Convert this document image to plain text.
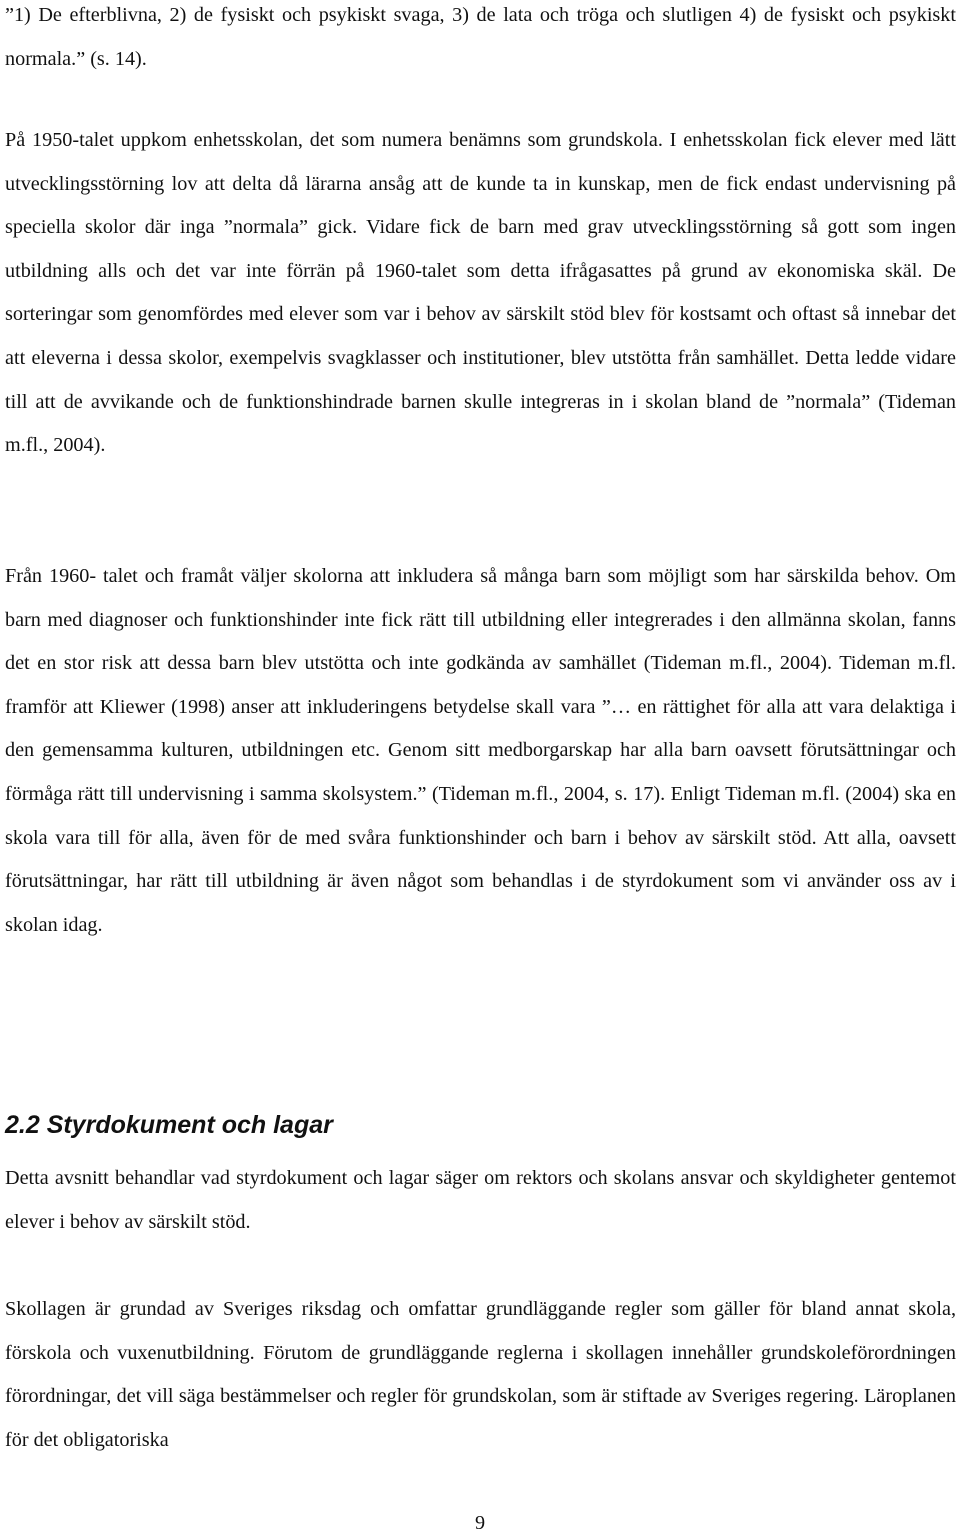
”1) De efterblivna, 2) de fysiskt och psykiskt svaga, 3) de lata och tröga och slutligen 4) de fysiskt och psykiskt normala.” (s. 14).

På 1950-talet uppkom enhetsskolan, det som numera benämns som grundskola. I enhetsskolan fick elever med lätt utvecklingsstörning lov att delta då lärarna ansåg att de kunde ta in kunskap, men de fick endast undervisning på speciella skolor där inga ”normala” gick. Vidare fick de barn med grav utvecklingsstörning så gott som ingen utbildning alls och det var inte förrän på 1960-talet som detta ifrågasattes på grund av ekonomiska skäl. De sorteringar som genomfördes med elever som var i behov av särskilt stöd blev för kostsamt och oftast så innebar det att eleverna i dessa skolor, exempelvis svagklasser och institutioner, blev utstötta från samhället. Detta ledde vidare till att de avvikande och de funktionshindrade barnen skulle integreras in i skolan bland de ”normala” (Tideman m.fl., 2004).

Från 1960- talet och framåt väljer skolorna att inkludera så många barn som möjligt som har särskilda behov. Om barn med diagnoser och funktionshinder inte fick rätt till utbildning eller integrerades i den allmänna skolan, fanns det en stor risk att dessa barn blev utstötta och inte godkända av samhället (Tideman m.fl., 2004). Tideman m.fl. framför att Kliewer (1998) anser att inkluderingens betydelse skall vara ”… en rättighet för alla att vara delaktiga i den gemensamma kulturen, utbildningen etc. Genom sitt medborgarskap har alla barn oavsett förutsättningar och förmåga rätt till undervisning i samma skolsystem.” (Tideman m.fl., 2004, s. 17). Enligt Tideman m.fl. (2004) ska en skola vara till för alla, även för de med svåra funktionshinder och barn i behov av särskilt stöd. Att alla, oavsett förutsättningar, har rätt till utbildning är även något som behandlas i de styrdokument som vi använder oss av i skolan idag.

2.2 Styrdokument och lagar

Detta avsnitt behandlar vad styrdokument och lagar säger om rektors och skolans ansvar och skyldigheter gentemot elever i behov av särskilt stöd.

Skollagen är grundad av Sveriges riksdag och omfattar grundläggande regler som gäller för bland annat skola, förskola och vuxenutbildning. Förutom de grundläggande reglerna i skollagen innehåller grundskoleförordningen förordningar, det vill säga bestämmelser och regler för grundskolan, som är stiftade av Sveriges regering. Läroplanen för det obligatoriska

9
